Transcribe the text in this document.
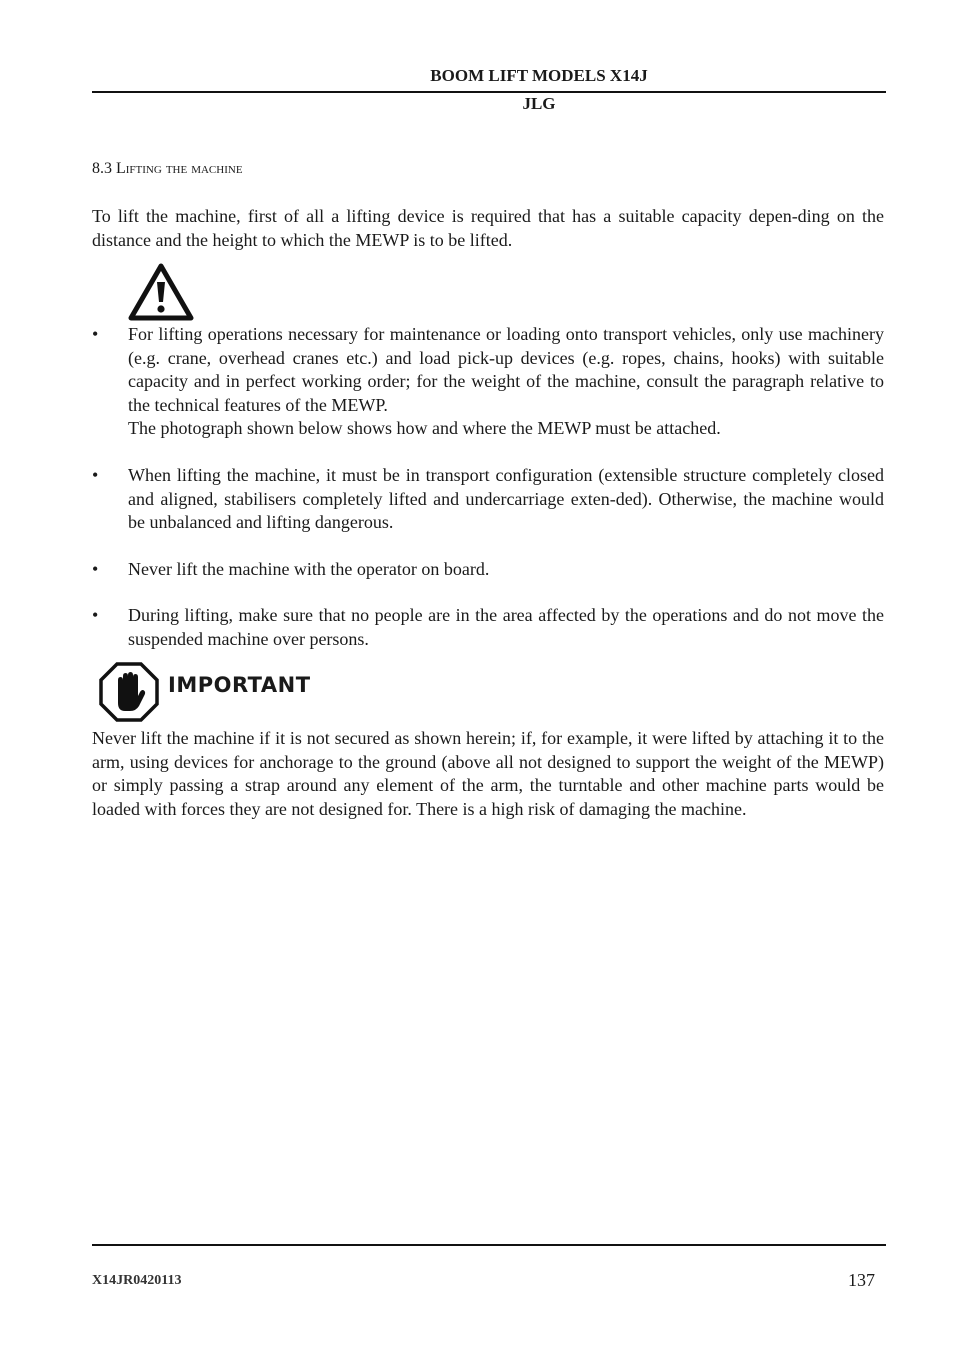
BOOM LIFT MODELS X14J
JLG
8.3 Lifting the machine

To lift the machine, first of all a lifting device is required that has a suitable capacity depen-ding on the distance and the height to which the MEWP is to be lifted.

•	For lifting operations necessary for maintenance or loading onto transport vehicles, only use machinery (e.g. crane, overhead cranes etc.) and load pick-up devices (e.g. ropes, chains, hooks) with suitable capacity and in perfect working order; for the weight of the machine, consult the paragraph relative to the technical features of the MEWP.

The photograph shown below shows how and where the MEWP must be attached.

•	When lifting the machine, it must be in transport configuration (extensible structure completely closed and aligned, stabilisers completely lifted and undercarriage exten-ded). Otherwise, the machine would be unbalanced and lifting dangerous.

•	Never lift the machine with the operator on board.

•	During lifting, make sure that no people are in the area affected by the operations and do not move the suspended machine over persons.

IMPORTANT

Never lift the machine if it is not secured as shown herein; if, for example, it were lifted by attaching it to the arm, using devices for anchorage to the ground (above all not designed to support the weight of the MEWP) or simply passing a strap around any element of the arm, the turntable and other machine parts would be loaded with forces they are not designed for. There is a high risk of damaging the machine.

X14JR0420113	137
